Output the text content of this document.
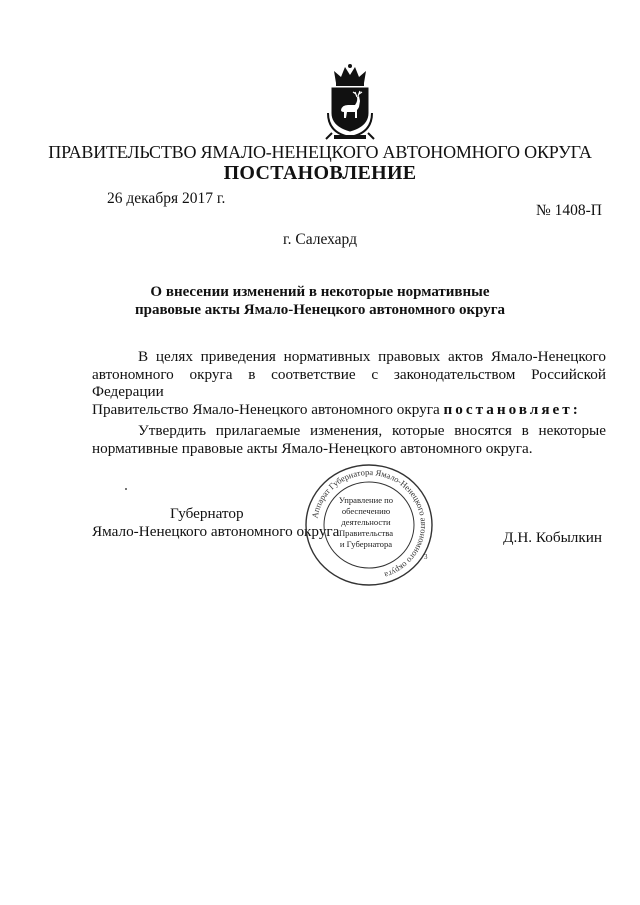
ПРАВИТЕЛЬСТВО ЯМАЛО-НЕНЕЦКОГО АВТОНОМНОГО ОКРУГА
ПОСТАНОВЛЕНИЕ
26 декабря 2017 г.
№ 1408-П
г. Салехард
О внесении изменений в некоторые нормативные
правовые акты Ямало-Ненецкого автономного округа

В целях приведения нормативных правовых актов Ямало-Ненецкого

автономного округа в соответствие с законодательством Российской Федерации

Правительство Ямало-Ненецкого автономного округа постановляет:

Утвердить прилагаемые изменения, которые вносятся в некоторые

нормативные правовые акты Ямало-Ненецкого автономного округа.

Губернатор
Ямало-Ненецкого автономного округа	Д.Н. Кобылкин
Аппарат Губернатора Ямало-Ненецкого автономного округа
3
Управление по
обеспечению
деятельности
Правительства
и Губернатора
